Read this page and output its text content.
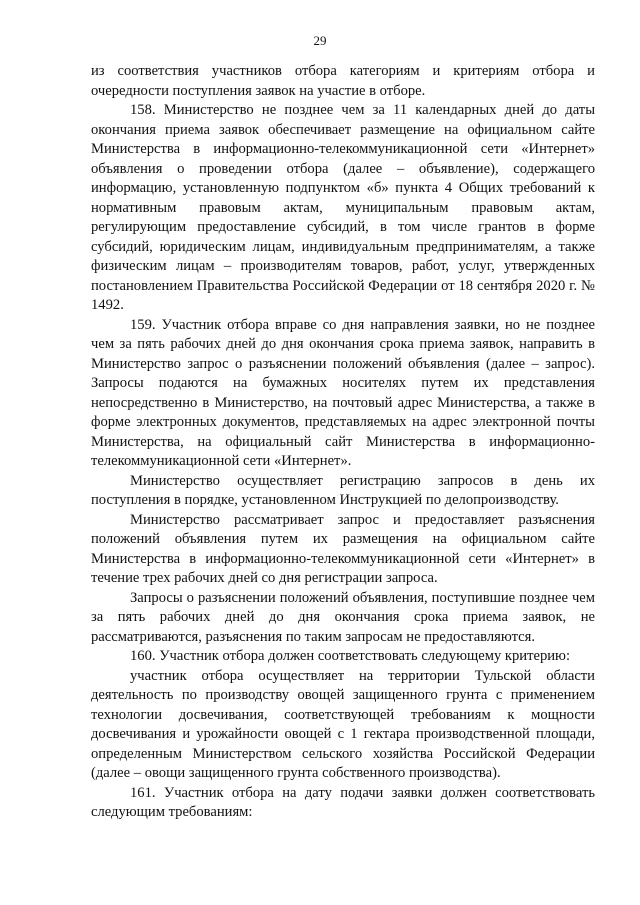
29

из соответствия участников отбора категориям и критериям отбора и очередности поступления заявок на участие в отборе.

158. Министерство не позднее чем за 11 календарных дней до даты окончания приема заявок обеспечивает размещение на официальном сайте Министерства в информационно-телекоммуникационной сети «Интернет» объявления о проведении отбора (далее – объявление), содержащего информацию, установленную подпунктом «б» пункта 4 Общих требований к нормативным правовым актам, муниципальным правовым актам, регулирующим предоставление субсидий, в том числе грантов в форме субсидий, юридическим лицам, индивидуальным предпринимателям, а также физическим лицам – производителям товаров, работ, услуг, утвержденных постановлением Правительства Российской Федерации от 18 сентября 2020 г. № 1492.

159. Участник отбора вправе со дня направления заявки, но не позднее чем за пять рабочих дней до дня окончания срока приема заявок, направить в Министерство запрос о разъяснении положений объявления (далее – запрос). Запросы подаются на бумажных носителях путем их представления непосредственно в Министерство, на почтовый адрес Министерства, а также в форме электронных документов, представляемых на адрес электронной почты Министерства, на официальный сайт Министерства в информационно-телекоммуникационной сети «Интернет».

Министерство осуществляет регистрацию запросов в день их поступления в порядке, установленном Инструкцией по делопроизводству.

Министерство рассматривает запрос и предоставляет разъяснения положений объявления путем их размещения на официальном сайте Министерства в информационно-телекоммуникационной сети «Интернет» в течение трех рабочих дней со дня регистрации запроса.

Запросы о разъяснении положений объявления, поступившие позднее чем за пять рабочих дней до дня окончания срока приема заявок, не рассматриваются, разъяснения по таким запросам не предоставляются.

160. Участник отбора должен соответствовать следующему критерию:

участник отбора осуществляет на территории Тульской области деятельность по производству овощей защищенного грунта с применением технологии досвечивания, соответствующей требованиям к мощности досвечивания и урожайности овощей с 1 гектара производственной площади, определенным Министерством сельского хозяйства Российской Федерации (далее – овощи защищенного грунта собственного производства).

161. Участник отбора на дату подачи заявки должен соответствовать следующим требованиям:
